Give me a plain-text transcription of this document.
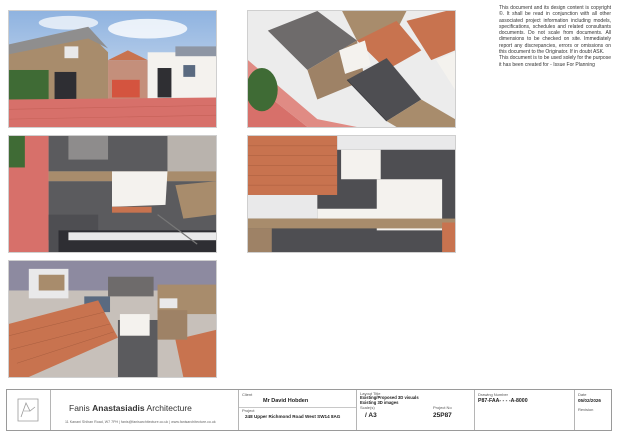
This document and its design content is copyright ©. It shall be read in conjunction with all other associated project information including models, specifications, schedules and related consultants documents. Do not scale from documents. All dimensions to be checked on site. Immediately report any discrepancies, errors or omissions on this document to the Originator. If in doubt ASK.

This document is to be used solely for the purpose it has been created for - Issue For Planning

Fanis Anastasiadis Architecture
11 Kanani Shihan Road, W7 7PH | fanis@fanisarchitecture.co.uk | www.fanisarchitecture.co.uk
Client
Mr David Hobden
Project
248 Upper Richmond Road West SW14 8AG
Layout Title
Existing/Proposed 3D visuals
Existing 3D images
Scale(s)
/ A3
Project No
25P87
Drawing Number
P87-FAA- - - -A-8000
Date
05/02/2026
Revision
